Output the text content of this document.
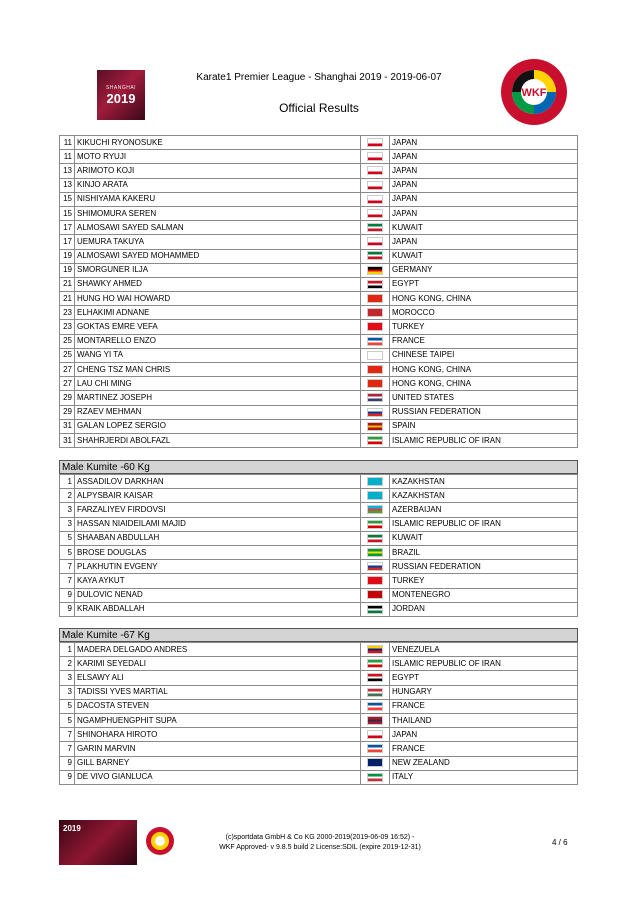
SHANGHAI
2019
Karate1 Premier League - Shanghai 2019 - 2019-06-07
Official Results
WKF
11	KIKUCHI RYONOSUKE		JAPAN
11	MOTO RYUJI		JAPAN
13	ARIMOTO KOJI		JAPAN
13	KINJO ARATA		JAPAN
15	NISHIYAMA KAKERU		JAPAN
15	SHIMOMURA SEREN		JAPAN
17	ALMOSAWI SAYED SALMAN		KUWAIT
17	UEMURA TAKUYA		JAPAN
19	ALMOSAWI SAYED MOHAMMED		KUWAIT
19	SMORGUNER ILJA		GERMANY
21	SHAWKY AHMED		EGYPT
21	HUNG HO WAI HOWARD		HONG KONG, CHINA
23	ELHAKIMI ADNANE		MOROCCO
23	GOKTAS EMRE VEFA		TURKEY
25	MONTARELLO ENZO		FRANCE
25	WANG YI TA		CHINESE TAIPEI
27	CHENG TSZ MAN CHRIS		HONG KONG, CHINA
27	LAU CHI MING		HONG KONG, CHINA
29	MARTINEZ JOSEPH		UNITED STATES
29	RZAEV MEHMAN		RUSSIAN FEDERATION
31	GALAN LOPEZ SERGIO		SPAIN
31	SHAHRJERDI ABOLFAZL		ISLAMIC REPUBLIC OF IRAN
Male Kumite -60 Kg
1	ASSADILOV DARKHAN		KAZAKHSTAN
2	ALPYSBAIR KAISAR		KAZAKHSTAN
3	FARZALIYEV FIRDOVSI		AZERBAIJAN
3	HASSAN NIAIDEILAMI MAJID		ISLAMIC REPUBLIC OF IRAN
5	SHAABAN ABDULLAH		KUWAIT
5	BROSE DOUGLAS		BRAZIL
7	PLAKHUTIN EVGENY		RUSSIAN FEDERATION
7	KAYA AYKUT		TURKEY
9	DULOVIC NENAD		MONTENEGRO
9	KRAIK ABDALLAH		JORDAN
Male Kumite -67 Kg
1	MADERA DELGADO ANDRES		VENEZUELA
2	KARIMI SEYEDALI		ISLAMIC REPUBLIC OF IRAN
3	ELSAWY ALI		EGYPT
3	TADISSI YVES MARTIAL		HUNGARY
5	DACOSTA STEVEN		FRANCE
5	NGAMPHUENGPHIT SUPA		THAILAND
7	SHINOHARA HIROTO		JAPAN
7	GARIN MARVIN		FRANCE
9	GILL BARNEY		NEW ZEALAND
9	DE VIVO GIANLUCA		ITALY
2019
(c)sportdata GmbH & Co KG 2000-2019(2019-06-09 16:52) -
WKF Approved- v 9.8.5 build 2 License:SDIL (expire 2019-12-31)
4 / 6
